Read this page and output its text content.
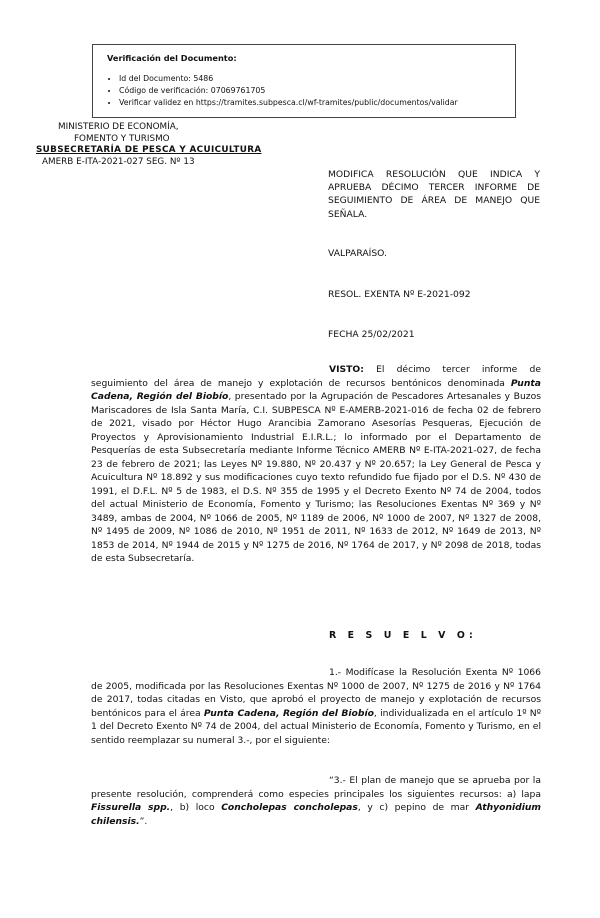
Verificación del Documento:
• Id del Documento: 5486
• Código de verificación: 07069761705
• Verificar validez en https://tramites.subpesca.cl/wf-tramites/public/documentos/validar
MINISTERIO DE ECONOMÍA,
FOMENTO Y TURISMO
SUBSECRETARÍA DE PESCA Y ACUICULTURA
AMERB E-ITA-2021-027 SEG. Nº 13
MODIFICA RESOLUCIÓN QUE INDICA Y APRUEBA DÉCIMO TERCER INFORME DE SEGUIMIENTO DE ÁREA DE MANEJO QUE SEÑALA.
VALPARAÍSO.
RESOL. EXENTA Nº E-2021-092
FECHA 25/02/2021
VISTO: El décimo tercer informe de seguimiento del área de manejo y explotación de recursos bentónicos denominada Punta Cadena, Región del Biobío, presentado por la Agrupación de Pescadores Artesanales y Buzos Mariscadores de Isla Santa María, C.I. SUBPESCA Nº E-AMERB-2021-016 de fecha 02 de febrero de 2021, visado por Héctor Hugo Arancibia Zamorano Asesorías Pesqueras, Ejecución de Proyectos y Aprovisionamiento Industrial E.I.R.L.; lo informado por el Departamento de Pesquerías de esta Subsecretaría mediante Informe Técnico AMERB Nº E-ITA-2021-027, de fecha 23 de febrero de 2021; las Leyes Nº 19.880, Nº 20.437 y Nº 20.657; la Ley General de Pesca y Acuicultura Nº 18.892 y sus modificaciones cuyo texto refundido fue fijado por el D.S. Nº 430 de 1991, el D.F.L. Nº 5 de 1983, el D.S. Nº 355 de 1995 y el Decreto Exento Nº 74 de 2004, todos del actual Ministerio de Economía, Fomento y Turismo; las Resoluciones Exentas Nº 369 y Nº 3489, ambas de 2004, Nº 1066 de 2005, Nº 1189 de 2006, Nº 1000 de 2007, Nº 1327 de 2008, Nº 1495 de 2009, Nº 1086 de 2010, Nº 1951 de 2011, Nº 1633 de 2012, Nº 1649 de 2013, Nº 1853 de 2014, Nº 1944 de 2015 y Nº 1275 de 2016, Nº 1764 de 2017, y Nº 2098 de 2018, todas de esta Subsecretaría.
R E S U E L V O:
1.- Modifícase la Resolución Exenta Nº 1066 de 2005, modificada por las Resoluciones Exentas Nº 1000 de 2007, Nº 1275 de 2016 y Nº 1764 de 2017, todas citadas en Visto, que aprobó el proyecto de manejo y explotación de recursos bentónicos para el área Punta Cadena, Región del Biobío, individualizada en el artículo 1º Nº 1 del Decreto Exento Nº 74 de 2004, del actual Ministerio de Economía, Fomento y Turismo, en el sentido reemplazar su numeral 3.-, por el siguiente:
“3.- El plan de manejo que se aprueba por la presente resolución, comprenderá como especies principales los siguientes recursos: a) lapa Fissurella spp., b) loco Concholepas concholepas, y c) pepino de mar Athyonidium chilensis.”.
